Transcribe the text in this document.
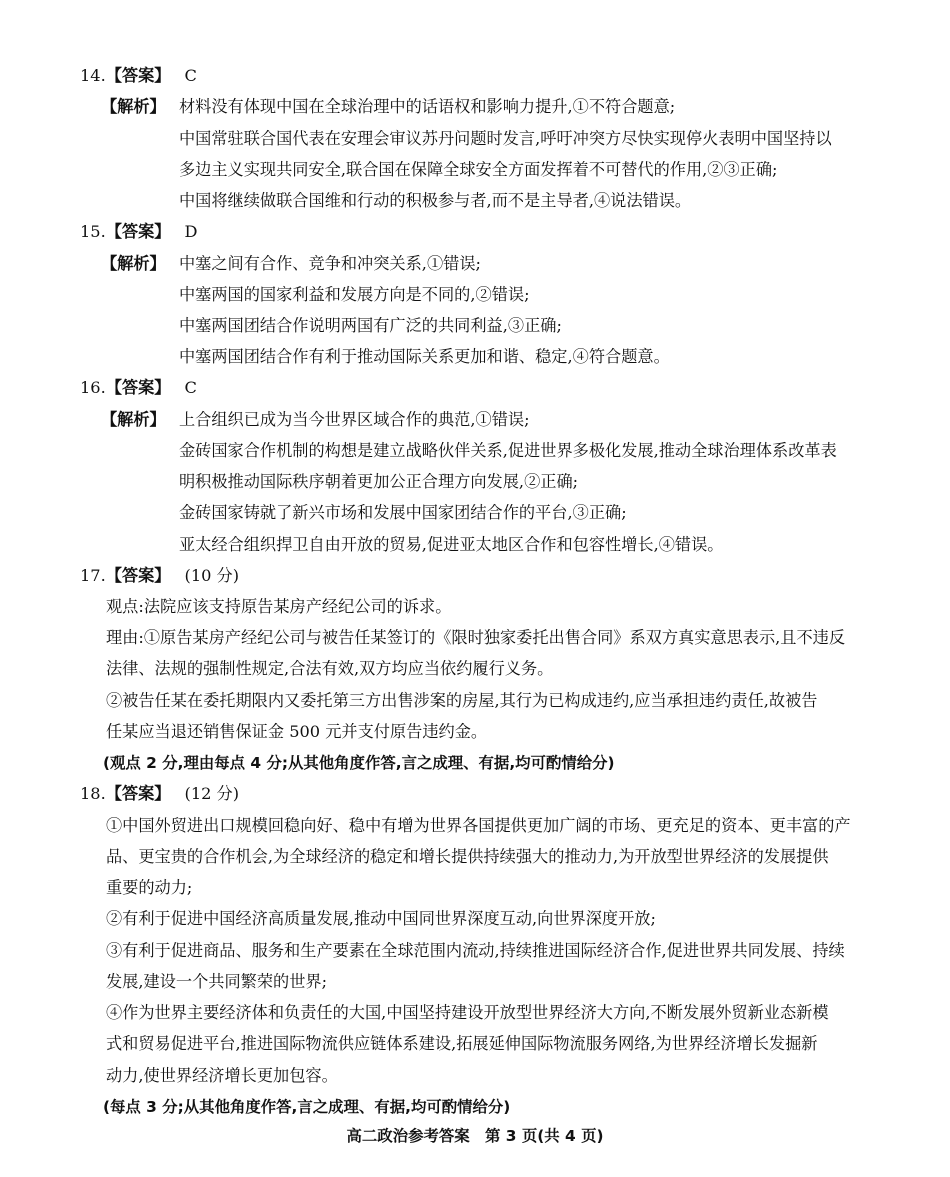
14.【答案】 C
【解析】 材料没有体现中国在全球治理中的话语权和影响力提升,①不符合题意;
中国常驻联合国代表在安理会审议苏丹问题时发言,呼吁冲突方尽快实现停火表明中国坚持以
多边主义实现共同安全,联合国在保障全球安全方面发挥着不可替代的作用,②③正确;
中国将继续做联合国维和行动的积极参与者,而不是主导者,④说法错误。
15.【答案】 D
【解析】 中塞之间有合作、竞争和冲突关系,①错误;
中塞两国的国家利益和发展方向是不同的,②错误;
中塞两国团结合作说明两国有广泛的共同利益,③正确;
中塞两国团结合作有利于推动国际关系更加和谐、稳定,④符合题意。
16.【答案】 C
【解析】 上合组织已成为当今世界区域合作的典范,①错误;
金砖国家合作机制的构想是建立战略伙伴关系,促进世界多极化发展,推动全球治理体系改革表
明积极推动国际秩序朝着更加公正合理方向发展,②正确;
金砖国家铸就了新兴市场和发展中国家团结合作的平台,③正确;
亚太经合组织捍卫自由开放的贸易,促进亚太地区合作和包容性增长,④错误。
17.【答案】 (10 分)
观点:法院应该支持原告某房产经纪公司的诉求。
理由:①原告某房产经纪公司与被告任某签订的《限时独家委托出售合同》系双方真实意思表示,且不违反
法律、法规的强制性规定,合法有效,双方均应当依约履行义务。
②被告任某在委托期限内又委托第三方出售涉案的房屋,其行为已构成违约,应当承担违约责任,故被告
任某应当退还销售保证金 500 元并支付原告违约金。
(观点 2 分,理由每点 4 分;从其他角度作答,言之成理、有据,均可酌情给分)
18.【答案】 (12 分)
①中国外贸进出口规模回稳向好、稳中有增为世界各国提供更加广阔的市场、更充足的资本、更丰富的产
品、更宝贵的合作机会,为全球经济的稳定和增长提供持续强大的推动力,为开放型世界经济的发展提供
重要的动力;
②有利于促进中国经济高质量发展,推动中国同世界深度互动,向世界深度开放;
③有利于促进商品、服务和生产要素在全球范围内流动,持续推进国际经济合作,促进世界共同发展、持续
发展,建设一个共同繁荣的世界;
④作为世界主要经济体和负责任的大国,中国坚持建设开放型世界经济大方向,不断发展外贸新业态新模
式和贸易促进平台,推进国际物流供应链体系建设,拓展延伸国际物流服务网络,为世界经济增长发掘新
动力,使世界经济增长更加包容。
(每点 3 分;从其他角度作答,言之成理、有据,均可酌情给分)
高二政治参考答案　第 3 页(共 4 页)
